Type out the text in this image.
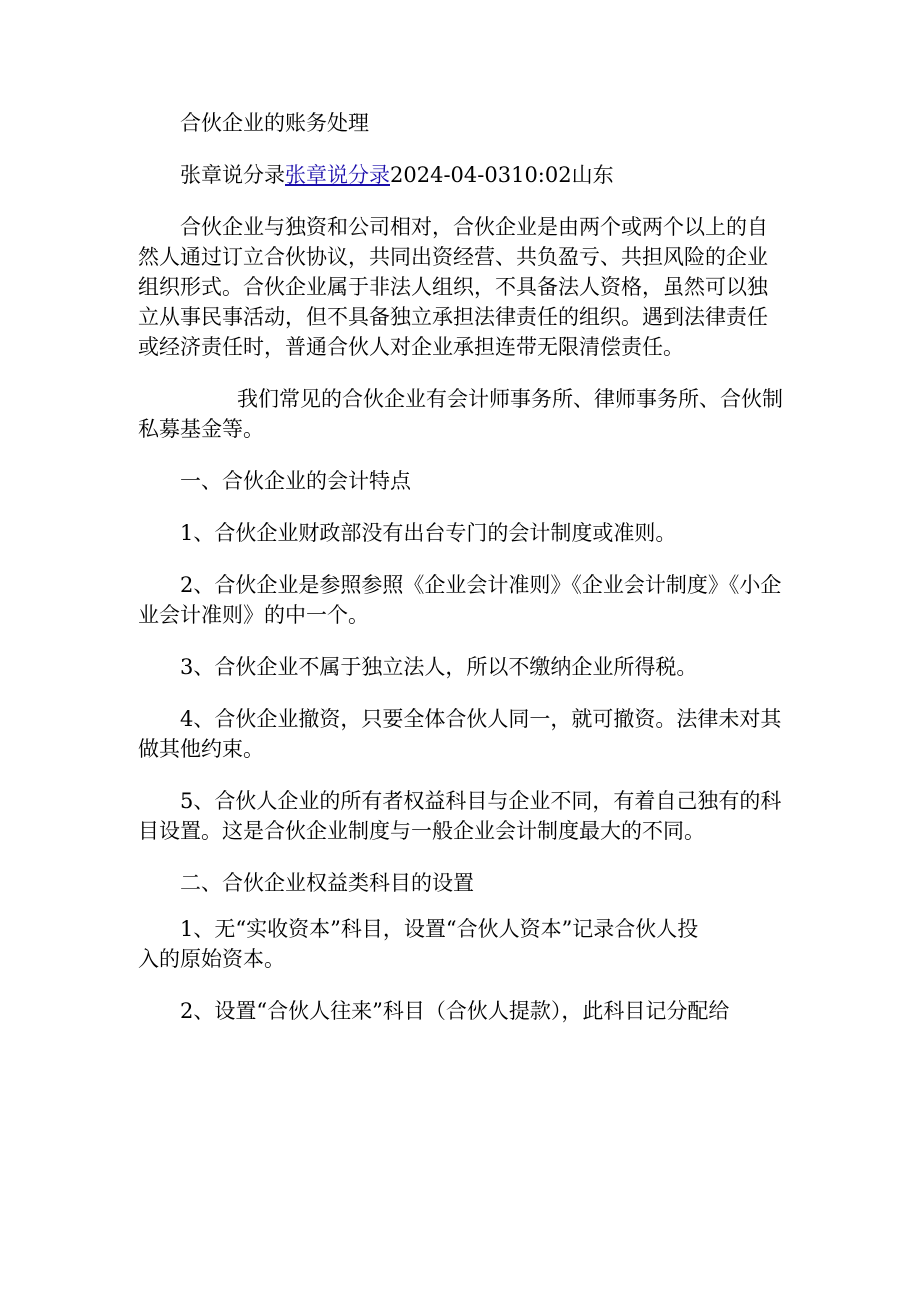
合伙企业的账务处理

张章说分录张章说分录2024-04-0310:02山东

合伙企业与独资和公司相对，合伙企业是由两个或两个以上的自然人通过订立合伙协议，共同出资经营、共负盈亏、共担风险的企业组织形式。合伙企业属于非法人组织，不具备法人资格，虽然可以独立从事民事活动，但不具备独立承担法律责任的组织。遇到法律责任或经济责任时，普通合伙人对企业承担连带无限清偿责任。

我们常见的合伙企业有会计师事务所、律师事务所、合伙制私募基金等。

一、合伙企业的会计特点

1、合伙企业财政部没有出台专门的会计制度或准则。

2、合伙企业是参照参照《企业会计准则》《企业会计制度》《小企业会计准则》的中一个。

3、合伙企业不属于独立法人，所以不缴纳企业所得税。

4、合伙企业撤资，只要全体合伙人同一，就可撤资。法律未对其做其他约束。

5、合伙人企业的所有者权益科目与企业不同，有着自己独有的科目设置。这是合伙企业制度与一般企业会计制度最大的不同。

二、合伙企业权益类科目的设置

1、无“实收资本”科目，设置“合伙人资本”记录合伙人投

入的原始资本。

2、设置“合伙人往来”科目（合伙人提款），此科目记分配给
